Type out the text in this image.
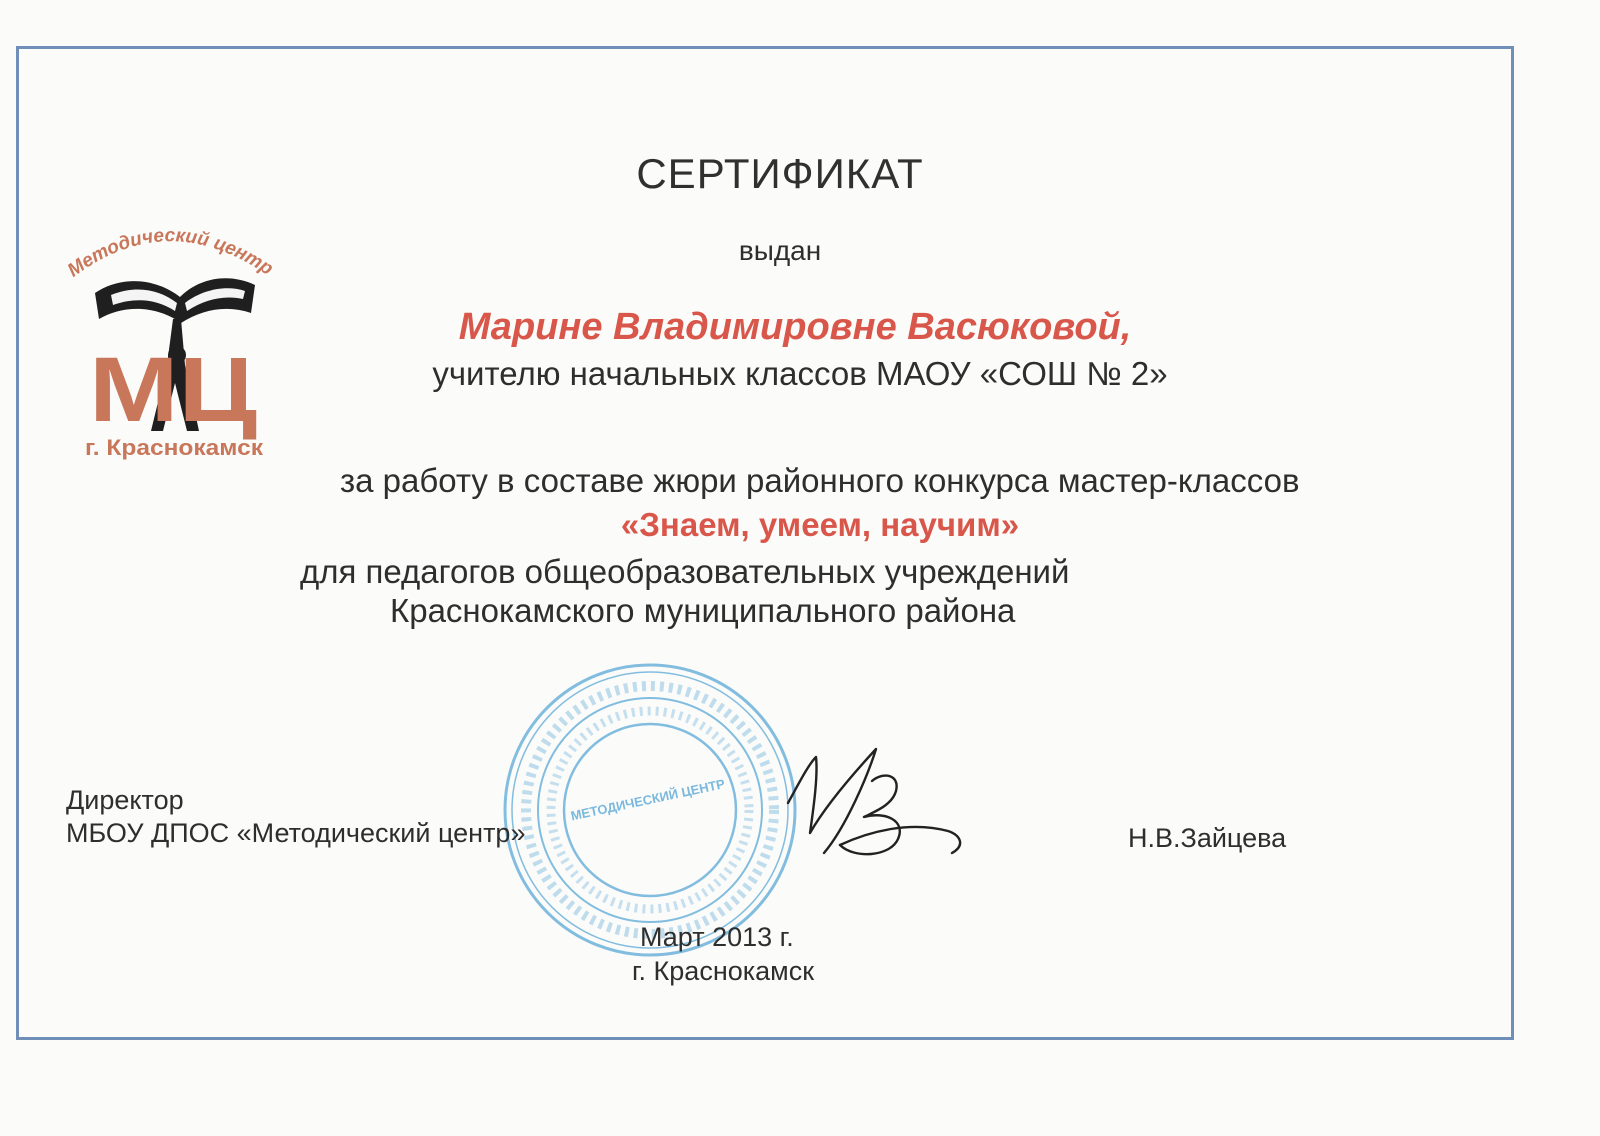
Методический центр
МЦ
г. Краснокамск
СЕРТИФИКАТ
выдан
Марине Владимировне Васюковой,
учителю начальных классов МАОУ «СОШ № 2»
за работу в составе жюри районного конкурса мастер-классов
«Знаем, умеем, научим»
для педагогов общеобразовательных учреждений
Краснокамского муниципального района
МЕТОДИЧЕСКИЙ ЦЕНТР
Директор
МБОУ ДПОС «Методический центр»	Н.В.Зайцева
Март 2013 г.
г. Краснокамск
